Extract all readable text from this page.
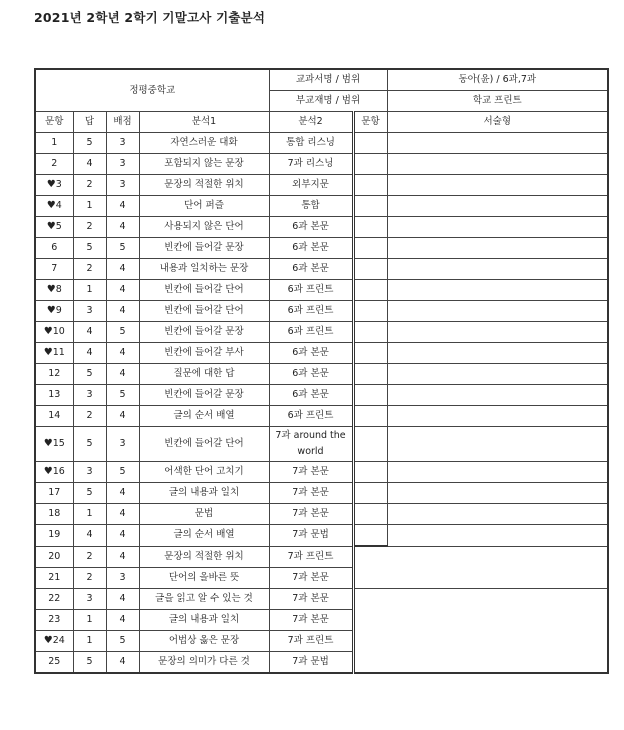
2021년 2학년 2학기 기말고사 기출분석
정평중학교				교과서명 / 범위		동아(윤) / 6과,7과
				부교재명 / 범위		학교 프린트
문항	답	배점	분석1	분석2	문항	서술형
1	5	3	자연스러운 대화	통합 리스닝		
2	4	3	포함되지 않는 문장	7과 리스닝		
♥3	2	3	문장의 적절한 위치	외부지문		
♥4	1	4	단어 퍼즐	통합		
♥5	2	4	사용되지 않은 단어	6과 본문		
6	5	5	빈칸에 들어갈 문장	6과 본문		
7	2	4	내용과 일치하는 문장	6과 본문		
♥8	1	4	빈칸에 들어갈 단어	6과 프린트		
♥9	3	4	빈칸에 들어갈 단어	6과 프린트		
♥10	4	5	빈칸에 들어갈 문장	6과 프린트		
♥11	4	4	빈칸에 들어갈 부사	6과 본문		
12	5	4	질문에 대한 답	6과 본문		
13	3	5	빈칸에 들어갈 문장	6과 본문		
14	2	4	글의 순서 배열	6과 프린트		
♥15	5	3	빈칸에 들어갈 단어	7과 around the world		
♥16	3	5	어색한 단어 고치기	7과 본문		
17	5	4	글의 내용과 일치	7과 본문		
18	1	4	문법	7과 본문		
19	4	4	글의 순서 배열	7과 문법		
20	2	4	문장의 적절한 위치	7과 프린트		
21	2	3	단어의 올바른 뜻	7과 본문		
22	3	4	글을 읽고 알 수 있는 것	7과 본문		
23	1	4	글의 내용과 일치	7과 본문		
♥24	1	5	어법상 옳은 문장	7과 프린트		
25	5	4	문장의 의미가 다른 것	7과 문법		
